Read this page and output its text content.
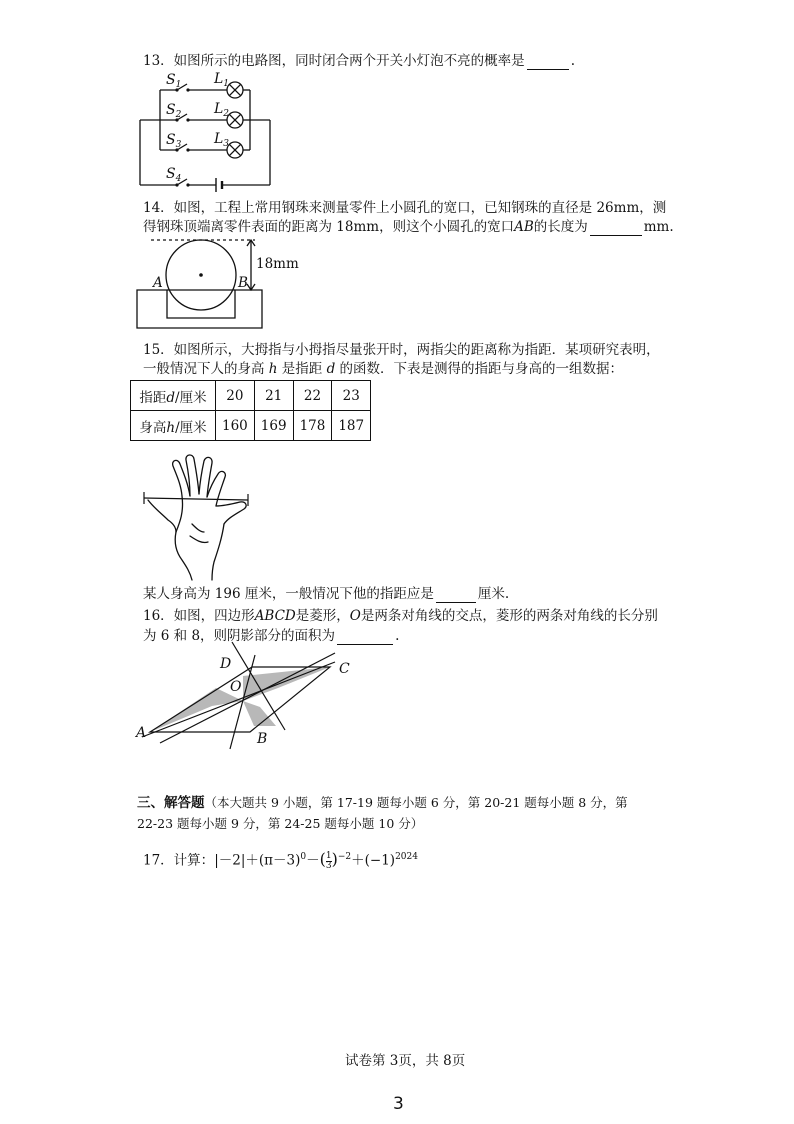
13．如图所示的电路图，同时闭合两个开关小灯泡不亮的概率是	.
$S_1$ $L_1$
$S_2$ $L_2$
$S_3$ $L_3$
$S_4$
14．如图，工程上常用钢珠来测量零件上小圆孔的宽口，已知钢珠的直径是 26mm，测
得钢珠顶端离零件表面的距离为 18mm，则这个小圆孔的宽口AB的长度为	mm.
A	B
18mm
15．如图所示，大拇指与小拇指尽量张开时，两指尖的距离称为指距．某项研究表明，
一般情况下人的身高 h 是指距 d 的函数．下表是测得的指距与身高的一组数据：
指距d/厘米	20	21	22	23
身高h/厘米	160	169	178	187
某人身高为 196 厘米，一般情况下他的指距应是	厘米.
16．如图，四边形ABCD是菱形，O是两条对角线的交点，菱形的两条对角线的长分别
为 6 和 8，则阴影部分的面积为	.
A	B
C
D
O
三、解答题（本大题共 9 小题，第 17-19 题每小题 6 分，第 20-21 题每小题 8 分，第
22-23 题每小题 9 分，第 24-25 题每小题 10 分）
17．计算：$|-2|+(\pi-3)^0-( \frac{1}{3} )^{-2}+(-1)^{2024}$
试卷第 3页，共 8页
3
